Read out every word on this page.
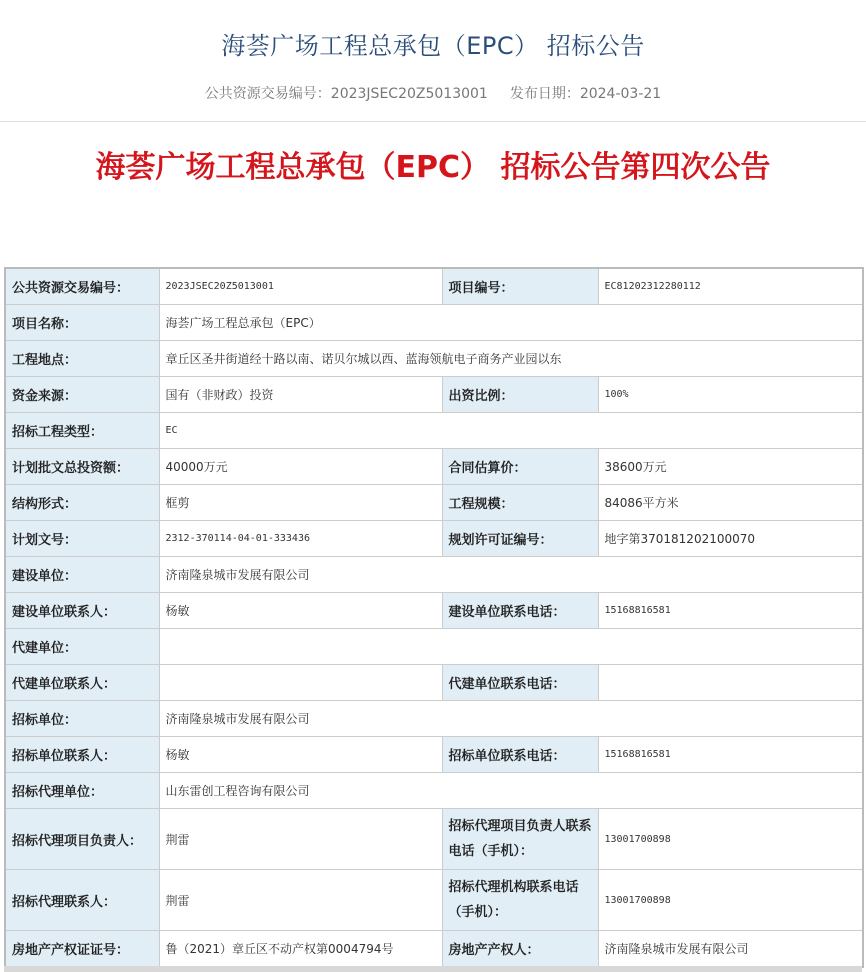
海荟广场工程总承包（EPC） 招标公告
公共资源交易编号：2023JSEC20Z5013001 发布日期：2024-03-21
海荟广场工程总承包（EPC） 招标公告第四次公告
公共资源交易编号：	2023JSEC20Z5013001	项目编号：	EC81202312280112
项目名称：	海荟广场工程总承包（EPC）		
工程地点：	章丘区圣井街道经十路以南、诺贝尔城以西、蓝海领航电子商务产业园以东		
资金来源：	国有（非财政）投资	出资比例：	100%
招标工程类型：	EC		
计划批文总投资额：	40000万元	合同估算价：	38600万元
结构形式：	框剪	工程规模：	84086平方米
计划文号：	2312-370114-04-01-333436	规划许可证编号：	地字第370181202100070
建设单位：	济南隆泉城市发展有限公司		
建设单位联系人：	杨敏	建设单位联系电话：	15168816581
代建单位：			
代建单位联系人：		代建单位联系电话：	
招标单位：	济南隆泉城市发展有限公司		
招标单位联系人：	杨敏	招标单位联系电话：	15168816581
招标代理单位：	山东雷创工程咨询有限公司		
招标代理项目负责人：	荆雷	招标代理项目负责人联系电话（手机）：	13001700898
招标代理联系人：	荆雷	招标代理机构联系电话（手机）：	13001700898
房地产产权证证号：	鲁（2021）章丘区不动产权第0004794号	房地产产权人：	济南隆泉城市发展有限公司
